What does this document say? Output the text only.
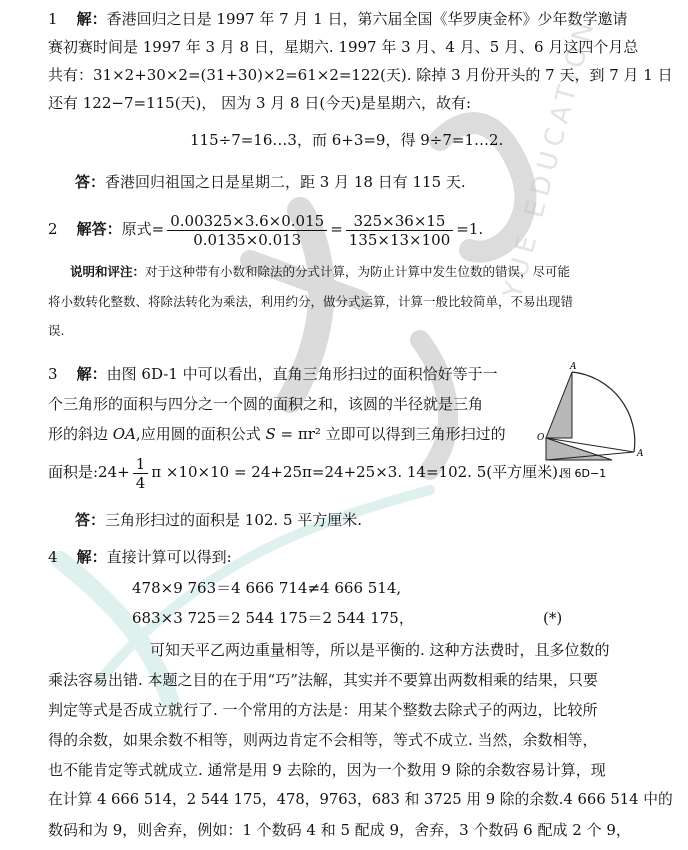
YUE EDUCATION
1 解：香港回归之日是 1997 年 7 月 1 日，第六届全国《华罗庚金杯》少年数学邀请
赛初赛时间是 1997 年 3 月 8 日，星期六. 1997 年 3 月、4 月、5 月、6 月这四个月总
共有：31×2+30×2=(31+30)×2=61×2=122(天). 除掉 3 月份开头的 7 天，到 7 月 1 日
还有 122−7=115(天)， 因为 3 月 8 日(今天)是星期六，故有:
115÷7=16…3，而 6+3=9，得 9÷7=1…2.
答：香港回归祖国之日是星期二，距 3 月 18 日有 115 天.
2 解答：原式= $\frac{0.00325\times 3.6\times 0.015}{0.0135\times 0.013} = \frac{325\times 36\times 15}{135\times 13\times 100} =1$.
说明和评注：对于这种带有小数和除法的分式计算，为防止计算中发生位数的错误，尽可能
将小数转化整数、将除法转化为乘法，利用约分，做分式运算，计算一般比较简单，不易出现错
误.
3 解：由图 6D-1 中可以看出，直角三角形扫过的面积恰好等于一
个三角形的面积与四分之一个圆的面积之和，该圆的半径就是三角
形的斜边 OA,应用圆的面积公式 S = πr² 立即可以得到三角形扫过的
面积是:24+ $\frac{1}{4}$ π ×10×10 = 24+25π=24+25×3. 14=102. 5(平方厘米).
答：三角形扫过的面积是 102. 5 平方厘米.
A
O
A
图 6D−1
4 解：直接计算可以得到:
478×9 763＝4 666 714≠4 666 514,
683×3 725＝2 544 175＝2 544 175，	(*)
可知天平乙两边重量相等，所以是平衡的. 这种方法费时，且多位数的
乘法容易出错. 本题之目的在于用“巧”法解，其实并不要算出两数相乘的结果，只要
判定等式是否成立就行了. 一个常用的方法是：用某个整数去除式子的两边，比较所
得的余数，如果余数不相等，则两边肯定不会相等，等式不成立. 当然，余数相等，
也不能肯定等式就成立. 通常是用 9 去除的，因为一个数用 9 除的余数容易计算，现
在计算 4 666 514，2 544 175，478，9763，683 和 3725 用 9 除的余数.4 666 514 中的
数码和为 9，则舍弃，例如：1 个数码 4 和 5 配成 9，舍弃，3 个数码 6 配成 2 个 9，
